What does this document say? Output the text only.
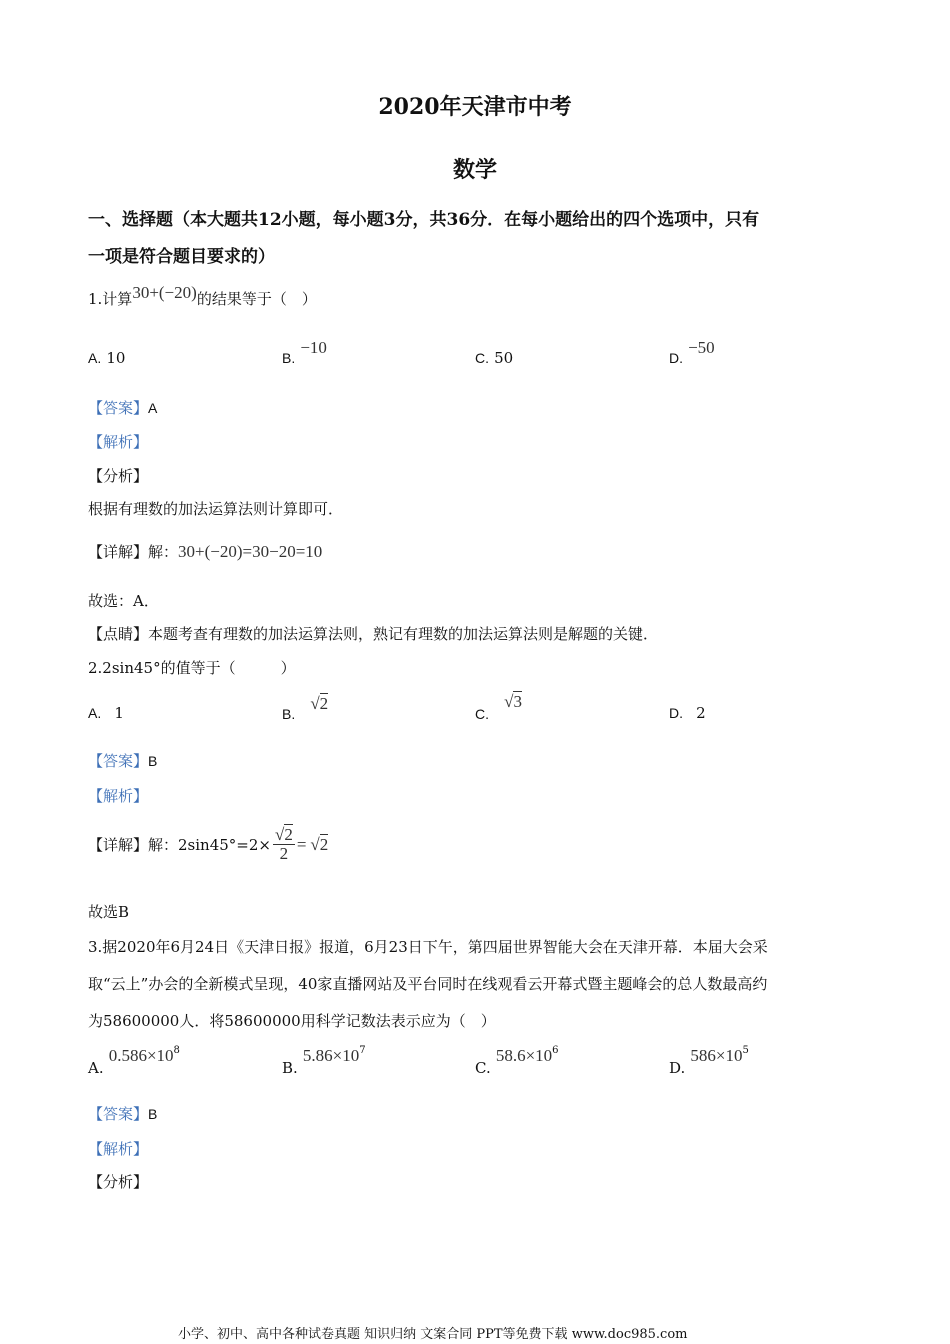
2020年天津市中考
数学
一、选择题（本大题共12小题，每小题3分，共36分．在每小题给出的四个选项中，只有
一项是符合题目要求的）
1.计算30+(−20)的结果等于（　）
A. 10	B. −10
C. 50	D. −50
【答案】A
【解析】
【分析】
根据有理数的加法运算法则计算即可．
【详解】解：30+(−20)=30−20=10
故选：A．
【点睛】本题考查有理数的加法运算法则，熟记有理数的加法运算法则是解题的关键．
2.2sin45°的值等于（　　　）
A. 1	B. √2
C. √3
D. 2
【答案】B
【解析】
【详解】 解：$2\sin 45^\circ=2\times \frac{√2}{2} = √2$
故选B
3.据2020年6月24日《天津日报》报道，6月23日下午，第四届世界智能大会在天津开幕．本届大会采
取“云上”办会的全新模式呈现，40家直播网站及平台同时在线观看云开幕式暨主题峰会的总人数最高约
为58600000人．将58600000用科学记数法表示应为（　）
A. $0.586\times 10^8$
B. $5.86\times 10^7$
C. $58.6\times 10^6$
D. $586\times 10^5$
【答案】B
【解析】
【分析】
小学、初中、高中各种试卷真题 知识归纳 文案合同 PPT等免费下载 www.doc985.com
